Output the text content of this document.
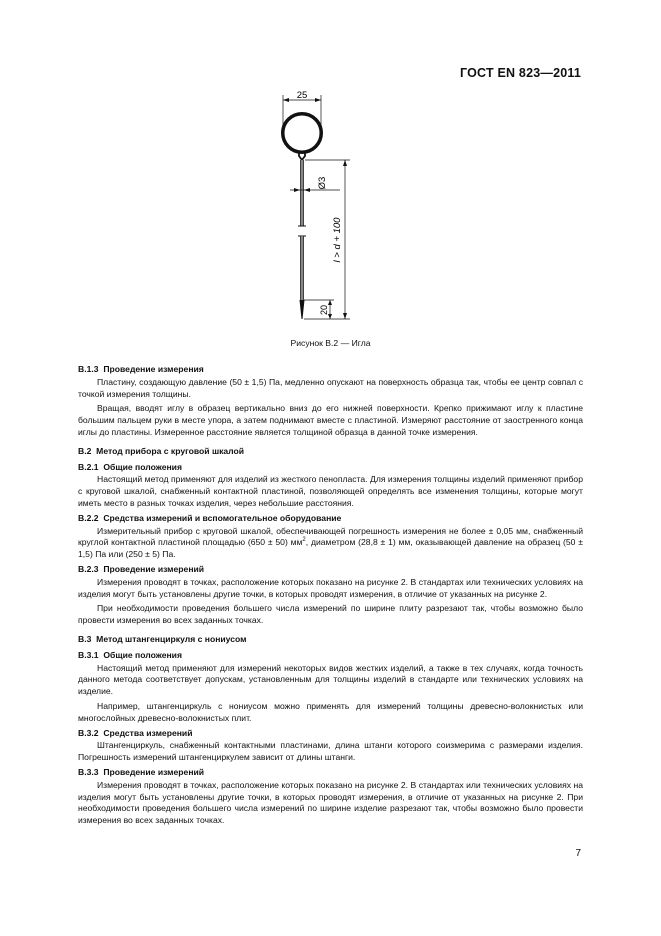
ГОСТ EN 823—2011
25
Ø3
l > d + 100
20
Рисунок В.2 — Игла
В.1.3 Проведение измерения

Пластину, создающую давление (50 ± 1,5) Па, медленно опускают на поверхность образца так, чтобы ее центр совпал с точкой измерения толщины.

Вращая, вводят иглу в образец вертикально вниз до его нижней поверхности. Крепко прижимают иглу к пластине большим пальцем руки в месте упора, а затем поднимают вместе с пластиной. Измеряют расстояние от заостренного конца иглы до пластины. Измеренное расстояние является толщиной образца в данной точке измерения.

В.2 Метод прибора с круговой шкалой
В.2.1 Общие положения

Настоящий метод применяют для изделий из жесткого пенопласта. Для измерения толщины изделий применяют прибор с круговой шкалой, снабженный контактной пластиной, позволяющей определять все изменения толщины, которые могут иметь место в разных точках изделия, через небольшие расстояния.

В.2.2 Средства измерений и вспомогательное оборудование

Измерительный прибор с круговой шкалой, обеспечивающей погрешность измерения не более ± 0,05 мм, снабженный круглой контактной пластиной площадью (650 ± 50) $мм^2$, диаметром (28,8 ± 1) мм, оказывающей давление на образец (50 ± 1,5) Па или (250 ± 5) Па.

В.2.3 Проведение измерений

Измерения проводят в точках, расположение которых показано на рисунке 2. В стандартах или технических условиях на изделия могут быть установлены другие точки, в которых проводят измерения, в отличие от указанных на рисунке 2.

При необходимости проведения большего числа измерений по ширине плиту разрезают так, чтобы возможно было провести измерения во всех заданных точках.

В.3 Метод штангенциркуля с нониусом
В.3.1 Общие положения

Настоящий метод применяют для измерений некоторых видов жестких изделий, а также в тех случаях, когда точность данного метода соответствует допускам, установленным для толщины изделий в стандарте или технических условиях на изделие.

Например, штангенциркуль с нониусом можно применять для измерений толщины древесно-волокнистых или многослойных древесно-волокнистых плит.

В.3.2 Средства измерений

Штангенциркуль, снабженный контактными пластинами, длина штанги которого соизмерима с размерами изделия. Погрешность измерений штангенциркулем зависит от длины штанги.

В.3.3 Проведение измерений

Измерения проводят в точках, расположение которых показано на рисунке 2. В стандартах или технических условиях на изделия могут быть установлены другие точки, в которых проводят измерения, в отличие от указанных на рисунке 2. При необходимости проведения большего числа измерений по ширине изделие разрезают так, чтобы возможно было провести измерения во всех заданных точках.

7
